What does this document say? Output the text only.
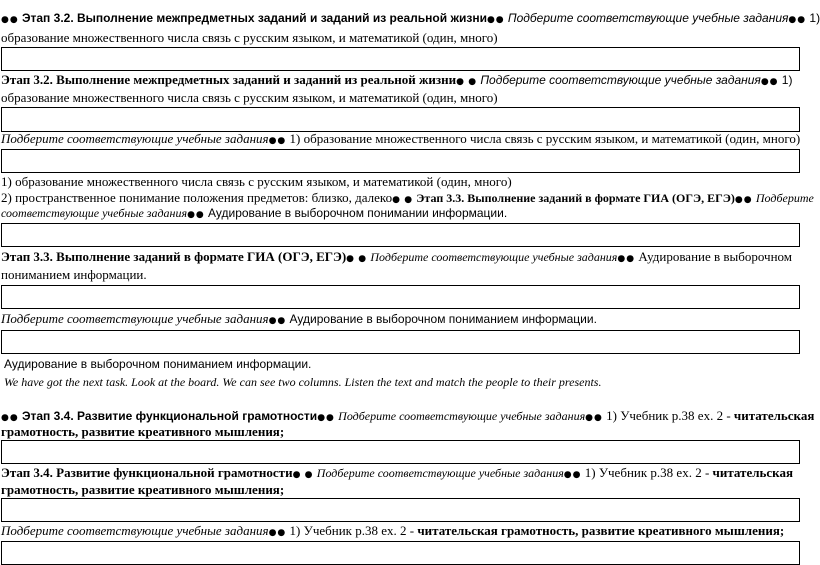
●● Этап 3.2. Выполнение межпредметных заданий и заданий из реальной жизни●● Подберите соответствующие учебные задания●● 1)
образование множественного числа связь с русским языком, и математикой (один, много)
Этап 3.2. Выполнение межпредметных заданий и заданий из реальной жизни● ● Подберите соответствующие учебные задания●● 1)
образование множественного числа связь с русским языком, и математикой (один, много)
Подберите соответствующие учебные задания●● 1) образование множественного числа связь с русским языком, и математикой (один, много)
1) образование множественного числа связь с русским языком, и математикой (один, много)
2) пространственное понимание положения предметов: близко, далеко● ● Этап 3.3. Выполнение заданий в формате ГИА (ОГЭ, ЕГЭ)●● Подберите
соответствующие учебные задания●● Аудирование в выборочном понимании информации.
Этап 3.3. Выполнение заданий в формате ГИА (ОГЭ, ЕГЭ)● ● Подберите соответствующие учебные задания●● Аудирование в выборочном
пониманием информации.
Подберите соответствующие учебные задания●● Аудирование в выборочном пониманием информации.
Аудирование в выборочном пониманием информации.
We have got the next task. Look at the board. We can see two columns. Listen the text and match the people to their presents.
●● Этап 3.4. Развитие функциональной грамотности●● Подберите соответствующие учебные задания●● 1) Учебник р.38 ex. 2 - читательская
грамотность, развитие креативного мышления;
Этап 3.4. Развитие функциональной грамотности● ● Подберите соответствующие учебные задания●● 1) Учебник р.38 ex. 2 - читательская
грамотность, развитие креативного мышления;
Подберите соответствующие учебные задания●● 1) Учебник р.38 ex. 2 - читательская грамотность, развитие креативного мышления;
